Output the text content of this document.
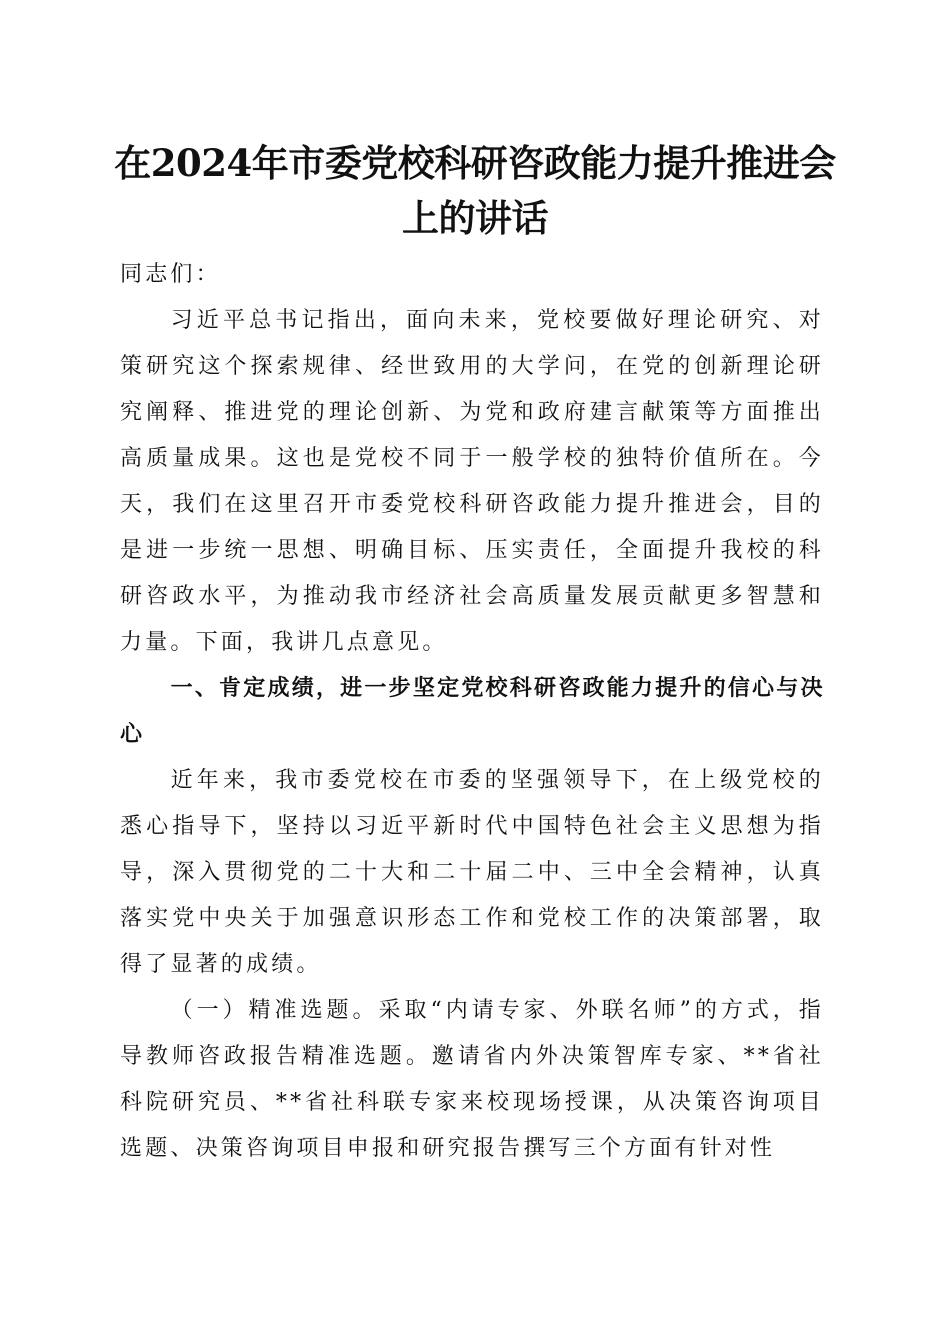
在2024年市委党校科研咨政能力提升推进会
上的讲话

同志们：

习近平总书记指出，面向未来，党校要做好理论研究、对策研究这个探索规律、经世致用的大学问，在党的创新理论研究阐释、推进党的理论创新、为党和政府建言献策等方面推出高质量成果。这也是党校不同于一般学校的独特价值所在。今天，我们在这里召开市委党校科研咨政能力提升推进会，目的是进一步统一思想、明确目标、压实责任，全面提升我校的科研咨政水平，为推动我市经济社会高质量发展贡献更多智慧和力量。下面，我讲几点意见。

一、肯定成绩，进一步坚定党校科研咨政能力提升的信心与决心

近年来，我市委党校在市委的坚强领导下，在上级党校的悉心指导下，坚持以习近平新时代中国特色社会主义思想为指导，深入贯彻党的二十大和二十届二中、三中全会精神，认真落实党中央关于加强意识形态工作和党校工作的决策部署，取得了显著的成绩。

（一）精准选题。采取“内请专家、外联名师”的方式，指导教师咨政报告精准选题。邀请省内外决策智库专家、**省社科院研究员、**省社科联专家来校现场授课，从决策咨询项目选题、决策咨询项目申报和研究报告撰写三个方面有针对性
